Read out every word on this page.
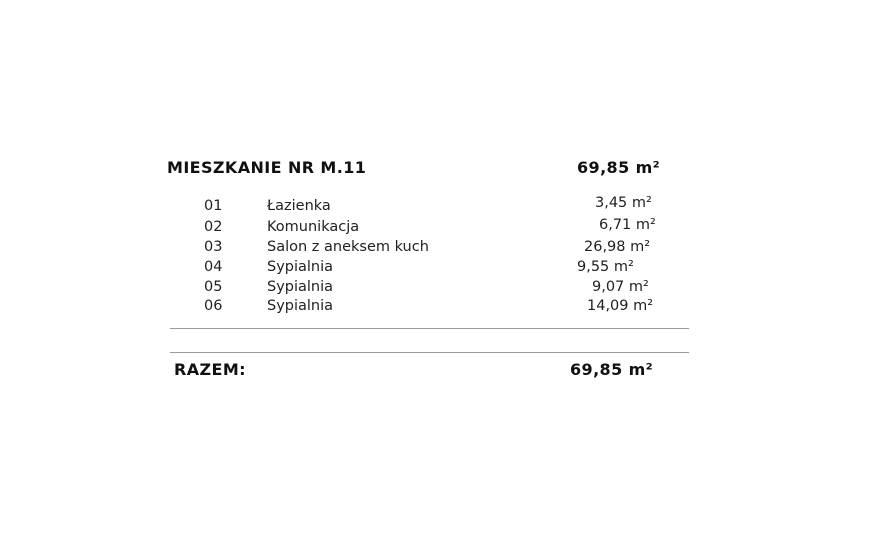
MIESZKANIE NR M.11	69,85 m²
01	Łazienka	3,45 m²
02	Komunikacja	6,71 m²
03	Salon z aneksem kuch	26,98 m²
04	Sypialnia	9,55 m²
05	Sypialnia	9,07 m²
06	Sypialnia	14,09 m²
RAZEM:	69,85 m²
